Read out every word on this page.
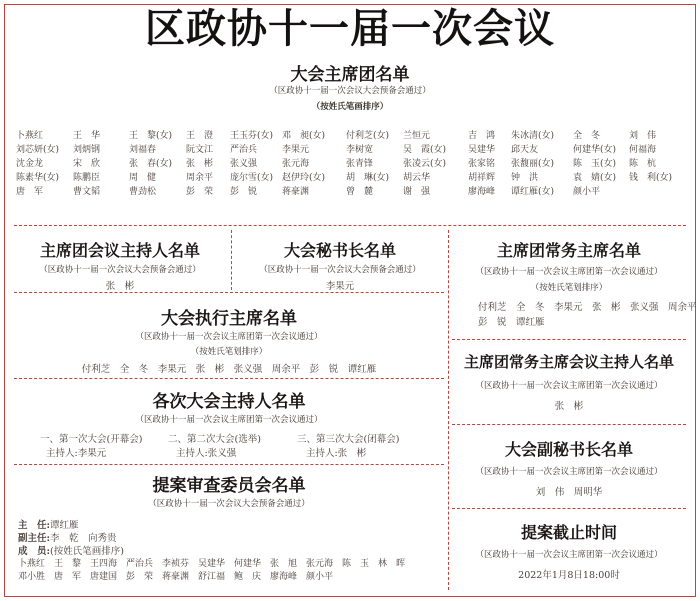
区政协十一届一次会议
大会主席团名单
（区政协十一届一次会议大会预备会通过）
（按姓氏笔画排序）
卜燕红	王　华	王　黎(女)	王　澄	王玉芬(女)	邓　昶(女)	付利芝(女)	兰恒元	吉　鸿	朱冰清(女)	全　冬	刘　伟
刘芯妍(女)	刘炳钢	刘福春	阮文江	严治兵	李果元	李树宽	吴　霞(女)	吴建华	邱天友	何建华(女)	何福海
沈金龙	宋　欣	张　春(女)	张　彬	张义强	张元海	张青锋	张凌云(女)	张家铭	张馥丽(女)	陈　玉(女)	陈　杭
陈素华(女)	陈鹏臣	周　健	周余平	庞尔雪(女)	赵伊玲(女)	胡　琳(女)	胡云华	胡祥辉	钟　洪	袁　婧(女)	钱　利(女)
唐　军	曹文韬	曹劲松	彭　荣	彭　锐	蒋豪渊	曾　麓	谢　强	廖海峰	谭红雁(女)	颜小平	
主席团会议主持人名单
（区政协十一届一次会议大会预备会通过）
张　彬
大会秘书长名单
（区政协十一届一次会议大会预备会通过）
李果元
大会执行主席名单
（区政协十一届一次会议主席团第一次会议通过）
（按姓氏笔划排序）
付利芝　全　冬　李果元　张　彬　张义强　周余平　彭　锐　谭红雁
各次大会主持人名单
（区政协十一届一次会议主席团第一次会议通过）
一、第一次大会(开幕会)
主持人:李果元
二、第二次大会(选举)
主持人:张义强
三、第三次大会(闭幕会)
主持人:张　彬
提案审查委员会名单
（区政协十一届一次会议大会预备会通过）
主　任:谭红雁
副主任:李　乾　向秀贵
成　员:(按姓氏笔画排序)
卜燕红　王　黎　王四海　严治兵　李祯芬　吴建华　何建华　张　旭　张元海　陈　玉　林　晖
邓小胜　唐　军　唐建国　彭　荣　蒋豪渊　舒江福　鲍　庆　廖海峰　颜小平
主席团常务主席名单
（区政协十一届一次会议主席团第一次会议通过）
（按姓氏笔划排序）
付利芝　全　冬　李果元　张　彬　张义强　周余平
彭　锐　谭红雁
主席团常务主席会议主持人名单
（区政协十一届一次会议主席团第一次会议通过）
张　彬
大会副秘书长名单
（区政协十一届一次会议主席团第一次会议通过）
刘　伟　周明华
提案截止时间
（区政协十一届一次会议主席团第一次会议通过）
2022年1月8日18:00时
